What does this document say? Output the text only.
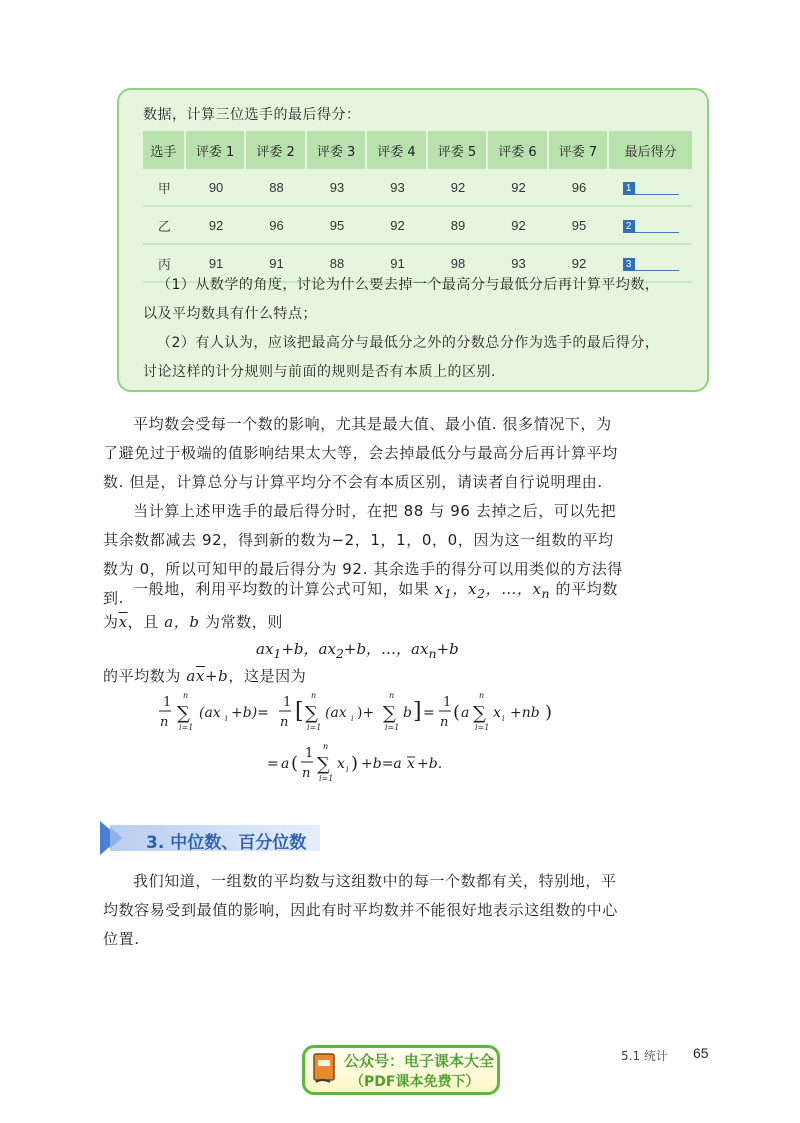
数据，计算三位选手的最后得分：
选手	评委 1	评委 2	评委 3	评委 4	评委 5	评委 6	评委 7	最后得分
甲	90	88	93	93	92	92	96	1
乙	92	96	95	92	89	92	95	2
丙	91	91	88	91	98	93	92	3
（1）从数学的角度，讨论为什么要去掉一个最高分与最低分后再计算平均数，
以及平均数具有什么特点；
（2）有人认为，应该把最高分与最低分之外的分数总分作为选手的最后得分，
讨论这样的计分规则与前面的规则是否有本质上的区别.
平均数会受每一个数的影响，尤其是最大值、最小值. 很多情况下，为了避免过于极端的值影响结果太大等，会去掉最低分与最高分后再计算平均数. 但是，计算总分与计算平均分不会有本质区别，请读者自行说明理由.
当计算上述甲选手的最后得分时，在把 88 与 96 去掉之后，可以先把其余数都减去 92，得到新的数为−2，1，1，0，0，因为这一组数的平均数为 0，所以可知甲的最后得分为 92. 其余选手的得分可以用类似的方法得到. 一般地，利用平均数的计算公式可知，如果 $x_1$，$x_2$，…，$x_n$ 的平均数
为$\overline{x}$，且 a，b 为常数，则
$ax_1+b$，$ax_2+b$，…，$ax_n+b$
的平均数为 $a\overline{x}+b$，这是因为
1
n
n
∑
i=1
(ax i +b)=
1
n [
n
∑
i=1
(ax i )+
n
∑
i=1
b ] =
1
n ( a
n
∑
i=1
x i +nb )
= a ( 1
n
n
∑
i=1
x i ) +b=a x +b.
3. 中位数、百分位数
我们知道，一组数的平均数与这组数中的每一个数都有关，特别地，平均数容易受到最值的影响，因此有时平均数并不能很好地表示这组数的中心位置.
公众号：电子课本大全
（PDF课本免费下）
5.1 统计 65
